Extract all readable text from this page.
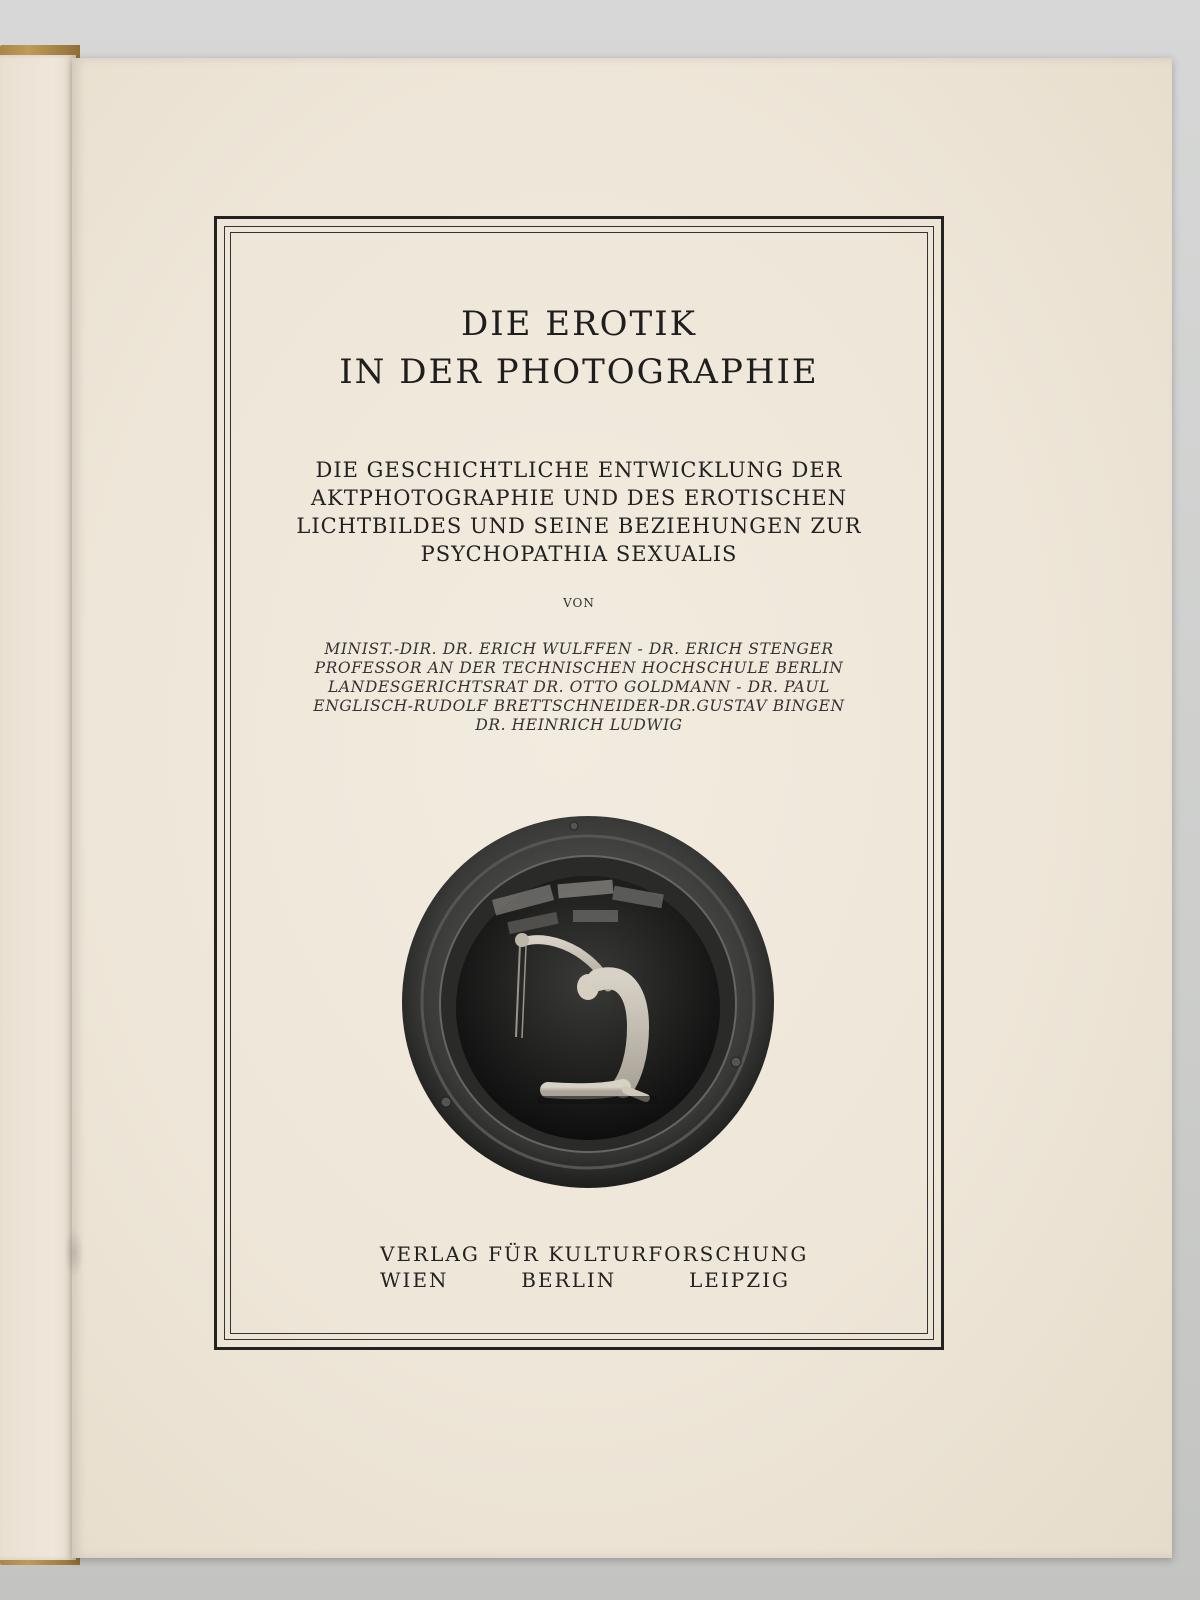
DIE EROTIK
IN DER PHOTOGRAPHIE
DIE GESCHICHTLICHE ENTWICKLUNG DER
AKTPHOTOGRAPHIE UND DES EROTISCHEN
LICHTBILDES UND SEINE BEZIEHUNGEN ZUR
PSYCHOPATHIA SEXUALIS
VON
MINIST.-DIR. DR. ERICH WULFFEN - DR. ERICH STENGER
PROFESSOR AN DER TECHNISCHEN HOCHSCHULE BERLIN
LANDESGERICHTSRAT DR. OTTO GOLDMANN - DR. PAUL
ENGLISCH-RUDOLF BRETTSCHNEIDER-DR.GUSTAV BINGEN
DR. HEINRICH LUDWIG
VERLAG FÜR KULTURFORSCHUNG
WIEN	BERLIN	LEIPZIG
